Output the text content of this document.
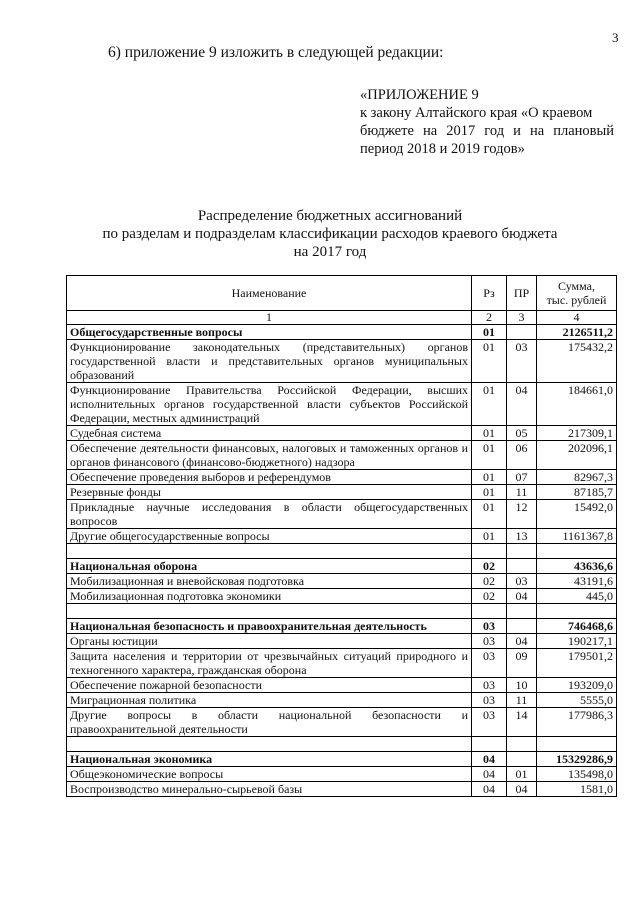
3
6) приложение 9 изложить в следующей редакции:
«ПРИЛОЖЕНИЕ 9
к закону Алтайского края «О краевом
бюджете на 2017 год и на плановый
период 2018 и 2019 годов»
Распределение бюджетных ассигнований
по разделам и подразделам классификации расходов краевого бюджета
на 2017 год
Наименование	Рз	ПР	Сумма,
тыс. рублей

1	2	3	4
Общегосударственные вопросы	01		2126511,2
Функционирование законодательных (представительных) органов государственной власти и представительных органов муниципальных образований	01	03	175432,2
Функционирование Правительства Российской Федерации, высших исполнительных органов государственной власти субъектов Российской Федерации, местных администраций	01	04	184661,0
Судебная система	01	05	217309,1
Обеспечение деятельности финансовых, налоговых и таможенных органов и органов финансового (финансово-бюджетного) надзора	01	06	202096,1
Обеспечение проведения выборов и референдумов	01	07	82967,3
Резервные фонды	01	11	87185,7
Прикладные научные исследования в области общегосударственных вопросов	01	12	15492,0
Другие общегосударственные вопросы	01	13	1161367,8

Национальная оборона	02		43636,6
Мобилизационная и вневойсковая подготовка	02	03	43191,6
Мобилизационная подготовка экономики	02	04	445,0

Национальная безопасность и правоохранительная деятельность	03		746468,6
Органы юстиции	03	04	190217,1
Защита населения и территории от чрезвычайных ситуаций природного и техногенного характера, гражданская оборона	03	09	179501,2
Обеспечение пожарной безопасности	03	10	193209,0
Миграционная политика	03	11	5555,0
Другие вопросы в области национальной безопасности и правоохранительной деятельности	03	14	177986,3

Национальная экономика	04		15329286,9
Общеэкономические вопросы	04	01	135498,0
Воспроизводство минерально-сырьевой базы	04	04	1581,0
